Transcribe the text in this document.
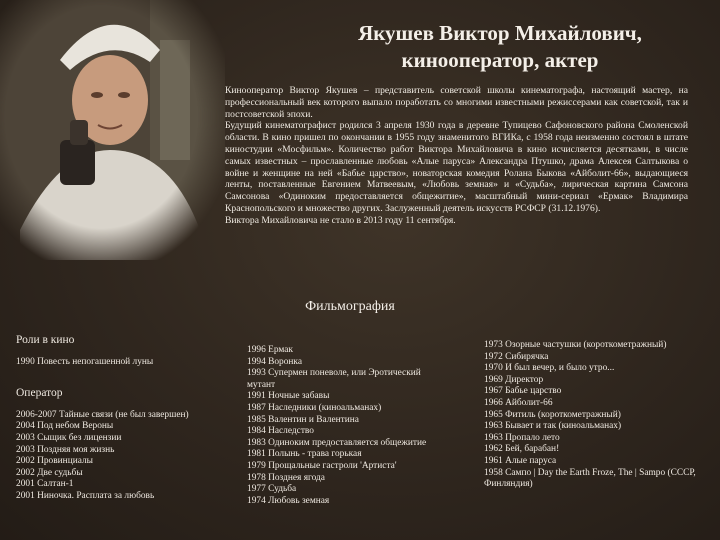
Якушев Виктор Михайлович,
кинооператор, актер

Кинооператор Виктор Якушев – представитель советской школы кинематографа, настоящий мастер, на профессиональный век которого выпало поработать со многими известными режиссерами как советской, так и постсоветской эпохи.

Будущий кинематографист родился 3 апреля 1930 года в деревне Тупицево Сафоновского района Смоленской области. В кино пришел по окончании в 1955 году знаменитого ВГИКа, с 1958 года неизменно состоял в штате киностудии «Мосфильм». Количество работ Виктора Михайловича в кино исчисляется десятками, в числе самых известных – прославленные любовь «Алые паруса» Александра Птушко, драма Алексея Салтыкова о войне и женщине на ней «Бабье царство», новаторская комедия Ролана Быкова «Айболит-66», выдающиеся ленты, поставленные Евгением Матвеевым, «Любовь земная» и «Судьба», лирическая картина Самсона Самсонова «Одиноким предоставляется общежитие», масштабный мини-сериал «Ермак» Владимира Краснопольского и множество других. Заслуженный деятель искусств РСФСР (31.12.1976).

Виктора Михайловича не стало в 2013 году 11 сентября.

Фильмография
Роли в кино
1990 Повесть непогашенной луны
Оператор
2006-2007 Тайные связи (не был завершен)
2004 Под небом Вероны
2003 Сыщик без лицензии
2003 Поздняя моя жизнь
2002 Провинциалы
2002 Две судьбы
2001 Салтан-1
2001 Ниночка. Расплата за любовь
1996 Ермак
1994 Воронка
1993 Супермен поневоле, или Эротический мутант
1991 Ночные забавы
1987 Наследники (киноальманах)
1985 Валентин и Валентина
1984 Наследство
1983 Одиноким предоставляется общежитие
1981 Полынь - трава горькая
1979 Прощальные гастроли 'Артиста'
1978 Позднея ягода
1977 Судьба
1974 Любовь земная
1973 Озорные частушки (короткометражный)
1972 Сибирячка
1970 И был вечер, и было утро...
1969 Директор
1967 Бабье царство
1966 Айболит-66
1965 Фитиль (короткометражный)
1963 Бывает и так (киноальманах)
1963 Пропало лето
1962 Бей, барабан!
1961 Алые паруса
1958 Сампо | Day the Earth Froze, The | Sampo (СССР, Финляндия)
